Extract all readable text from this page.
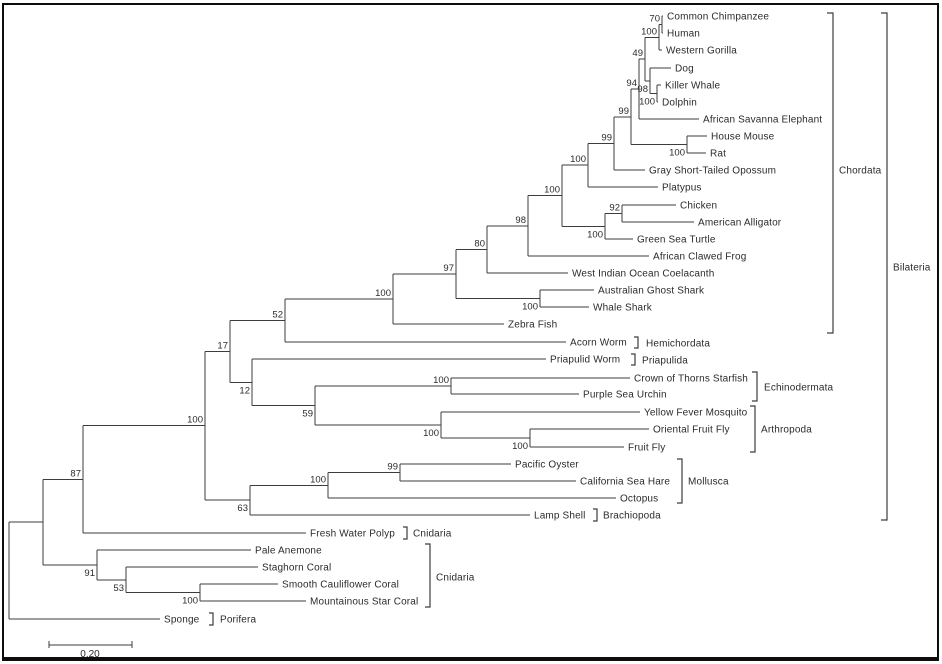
87
100
17
52
100
97
80
98
100
100
99
99
94
49
100
70 Common Chimpanzee
Human
Western Gorilla
98
Dog
100
Killer Whale
Dolphin
African Savanna Elephant
100
House Mouse
Rat
Gray Short-Tailed Opossum
Platypus
100
92	Chicken
American Alligator
Green Sea Turtle
African Clawed Frog
West Indian Ocean Coelacanth
100
Australian Ghost Shark
Whale Shark
Zebra Fish
Acorn Worm
12
Priapulid Worm
59
100	Crown of Thorns Starfish
Purple Sea Urchin
100
Yellow Fever Mosquito
100
Oriental Fruit Fly
Fruit Fly
63
100
99	Pacific Oyster
California Sea Hare
Octopus
Lamp Shell
Fresh Water Polyp
91
Pale Anemone
53
Staghorn Coral
100
Smooth Cauliflower Coral
Mountainous Star Coral
Sponge
Chordata
Bilateria
Hemichordata
Priapulida
Echinodermata
Arthropoda
Mollusca
Brachiopoda
Cnidaria
Cnidaria
Porifera
0.20
